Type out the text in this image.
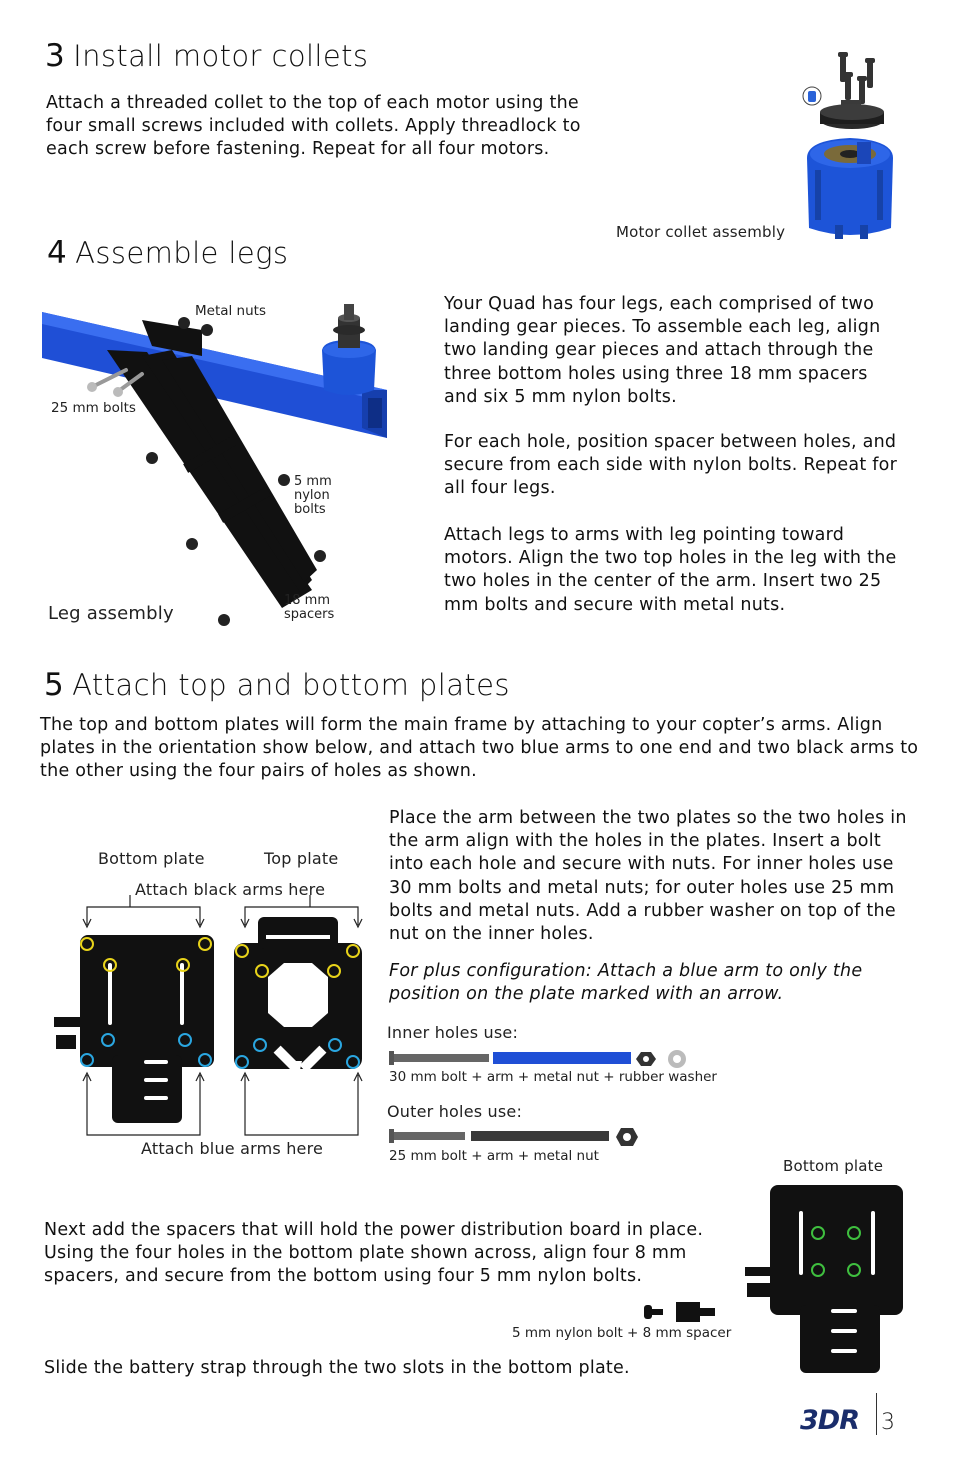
3 Install motor collets
Attach a threaded collet to the top of each motor using the four small screws included with collets. Apply threadlock to each screw before fastening. Repeat for all four motors.
Motor collet assembly
4 Assemble legs
Metal nuts
25 mm bolts
5 mm
nylon
bolts
18 mm
spacers
Leg assembly
Your Quad has four legs, each comprised of two landing gear pieces. To assemble each leg, align two landing gear pieces and attach through the three bottom holes using three 18 mm spacers and six 5 mm nylon bolts.
For each hole, position spacer between holes, and secure from each side with nylon bolts. Repeat for all four legs.
Attach legs to arms with leg pointing toward motors. Align the two top holes in the leg with the two holes in the center of the arm. Insert two 25 mm bolts and secure with metal nuts.
5 Attach top and bottom plates
The top and bottom plates will form the main frame by attaching to your copter’s arms. Align plates in the orientation show below, and attach two blue arms to one end and two black arms to the other using the four pairs of holes as shown.
Bottom plate	Top plate
Attach black arms here
Attach blue arms here
Place the arm between the two plates so the two holes in the arm align with the holes in the plates. Insert a bolt into each hole and secure with nuts. For inner holes use 30 mm bolts and metal nuts; for outer holes use 25 mm bolts and metal nuts. Add a rubber washer on top of the nut on the inner holes.
For plus configuration: Attach a blue arm to only the position on the plate marked with an arrow.
Inner holes use:
30 mm bolt + arm + metal nut + rubber washer
Outer holes use:
25 mm bolt + arm + metal nut
Bottom plate
Next add the spacers that will hold the power distribution board in place. Using the four holes in the bottom plate shown across, align four 8 mm spacers, and secure from the bottom using four 5 mm nylon bolts.
5 mm nylon bolt + 8 mm spacer
Slide the battery strap through the two slots in the bottom plate.
3DR	3
